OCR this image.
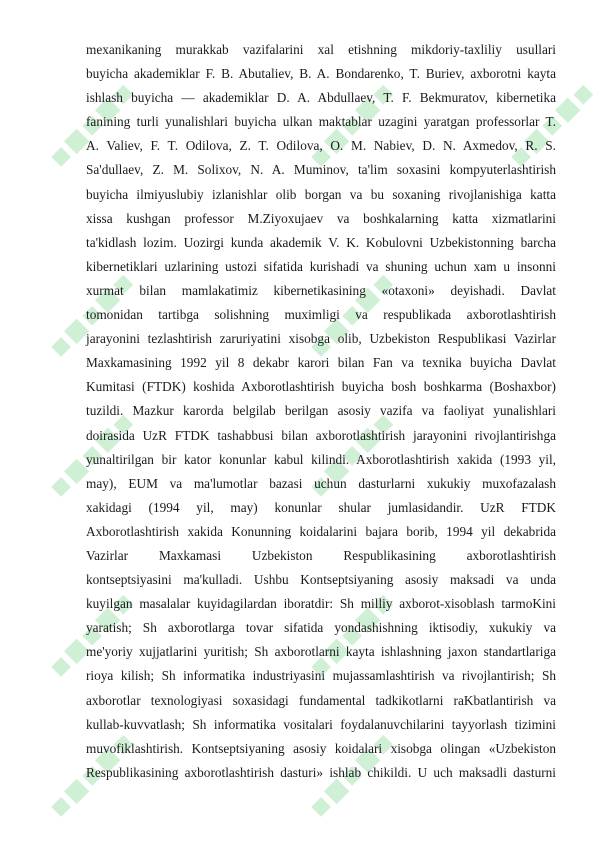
mexanikaning murakkab vazifalarini xal etishning mikdoriy-taxliliy usullari
buyicha akademiklar F. B. Abutaliev, B. A. Bondarenko, T. Buriev, axborotni kayta
ishlash buyicha — akademiklar D. A. Abdullaev, T. F. Bekmuratov, kibernetika
fanining turli yunalishlari buyicha ulkan maktablar uzagini yaratgan professorlar T.
A. Valiev, F. T. Odilova, Z. T. Odilova, O. M. Nabiev, D. N. Axmedov, R. S.
Sa'dullaev, Z. M. Solixov, N. A. Muminov, ta'lim soxasini kompyuterlashtirish
buyicha ilmiyuslubiy izlanishlar olib borgan va bu soxaning rivojlanishiga katta
xissa kushgan professor M.Ziyoxujaev va boshkalarning katta xizmatlarini
ta'kidlash lozim. Uozirgi kunda akademik V. K. Kobulovni Uzbekistonning barcha
kibernetiklari uzlarining ustozi sifatida kurishadi va shuning uchun xam u insonni
xurmat bilan mamlakatimiz kibernetikasining «otaxoni» deyishadi. Davlat
tomonidan tartibga solishning muximligi va respublikada axborotlashtirish
jarayonini tezlashtirish zaruriyatini xisobga olib, Uzbekiston Respublikasi Vazirlar
Maxkamasining 1992 yil 8 dekabr karori bilan Fan va texnika buyicha Davlat
Kumitasi (FTDK) koshida Axborotlashtirish buyicha bosh boshkarma (Boshaxbor)
tuzildi. Mazkur karorda belgilab berilgan asosiy vazifa va faoliyat yunalishlari
doirasida UzR FTDK tashabbusi bilan axborotlashtirish jarayonini rivojlantirishga
yunaltirilgan bir kator konunlar kabul kilindi. Axborotlashtirish xakida (1993 yil,
may), EUM va ma'lumotlar bazasi uchun dasturlarni xukukiy muxofazalash
xakidagi (1994 yil, may) konunlar shular jumlasidandir. UzR FTDK
Axborotlashtirish xakida Konunning koidalarini bajara borib, 1994 yil dekabrida
Vazirlar Maxkamasi Uzbekiston Respublikasining axborotlashtirish
kontseptsiyasini ma'kulladi. Ushbu Kontseptsiyaning asosiy maksadi va unda
kuyilgan masalalar kuyidagilardan iboratdir: Sh milliy axborot-xisoblash tarmoKini
yaratish; Sh axborotlarga tovar sifatida yondashishning iktisodiy, xukukiy va
me'yoriy xujjatlarini yuritish; Sh axborotlarni kayta ishlashning jaxon standartlariga
rioya kilish; Sh informatika industriyasini mujassamlashtirish va rivojlantirish; Sh
axborotlar texnologiyasi soxasidagi fundamental tadkikotlarni raKbatlantirish va
kullab-kuvvatlash; Sh informatika vositalari foydalanuvchilarini tayyorlash tizimini
muvofiklashtirish. Kontseptsiyaning asosiy koidalari xisobga olingan «Uzbekiston
Respublikasining axborotlashtirish dasturi» ishlab chikildi. U uch maksadli dasturni
